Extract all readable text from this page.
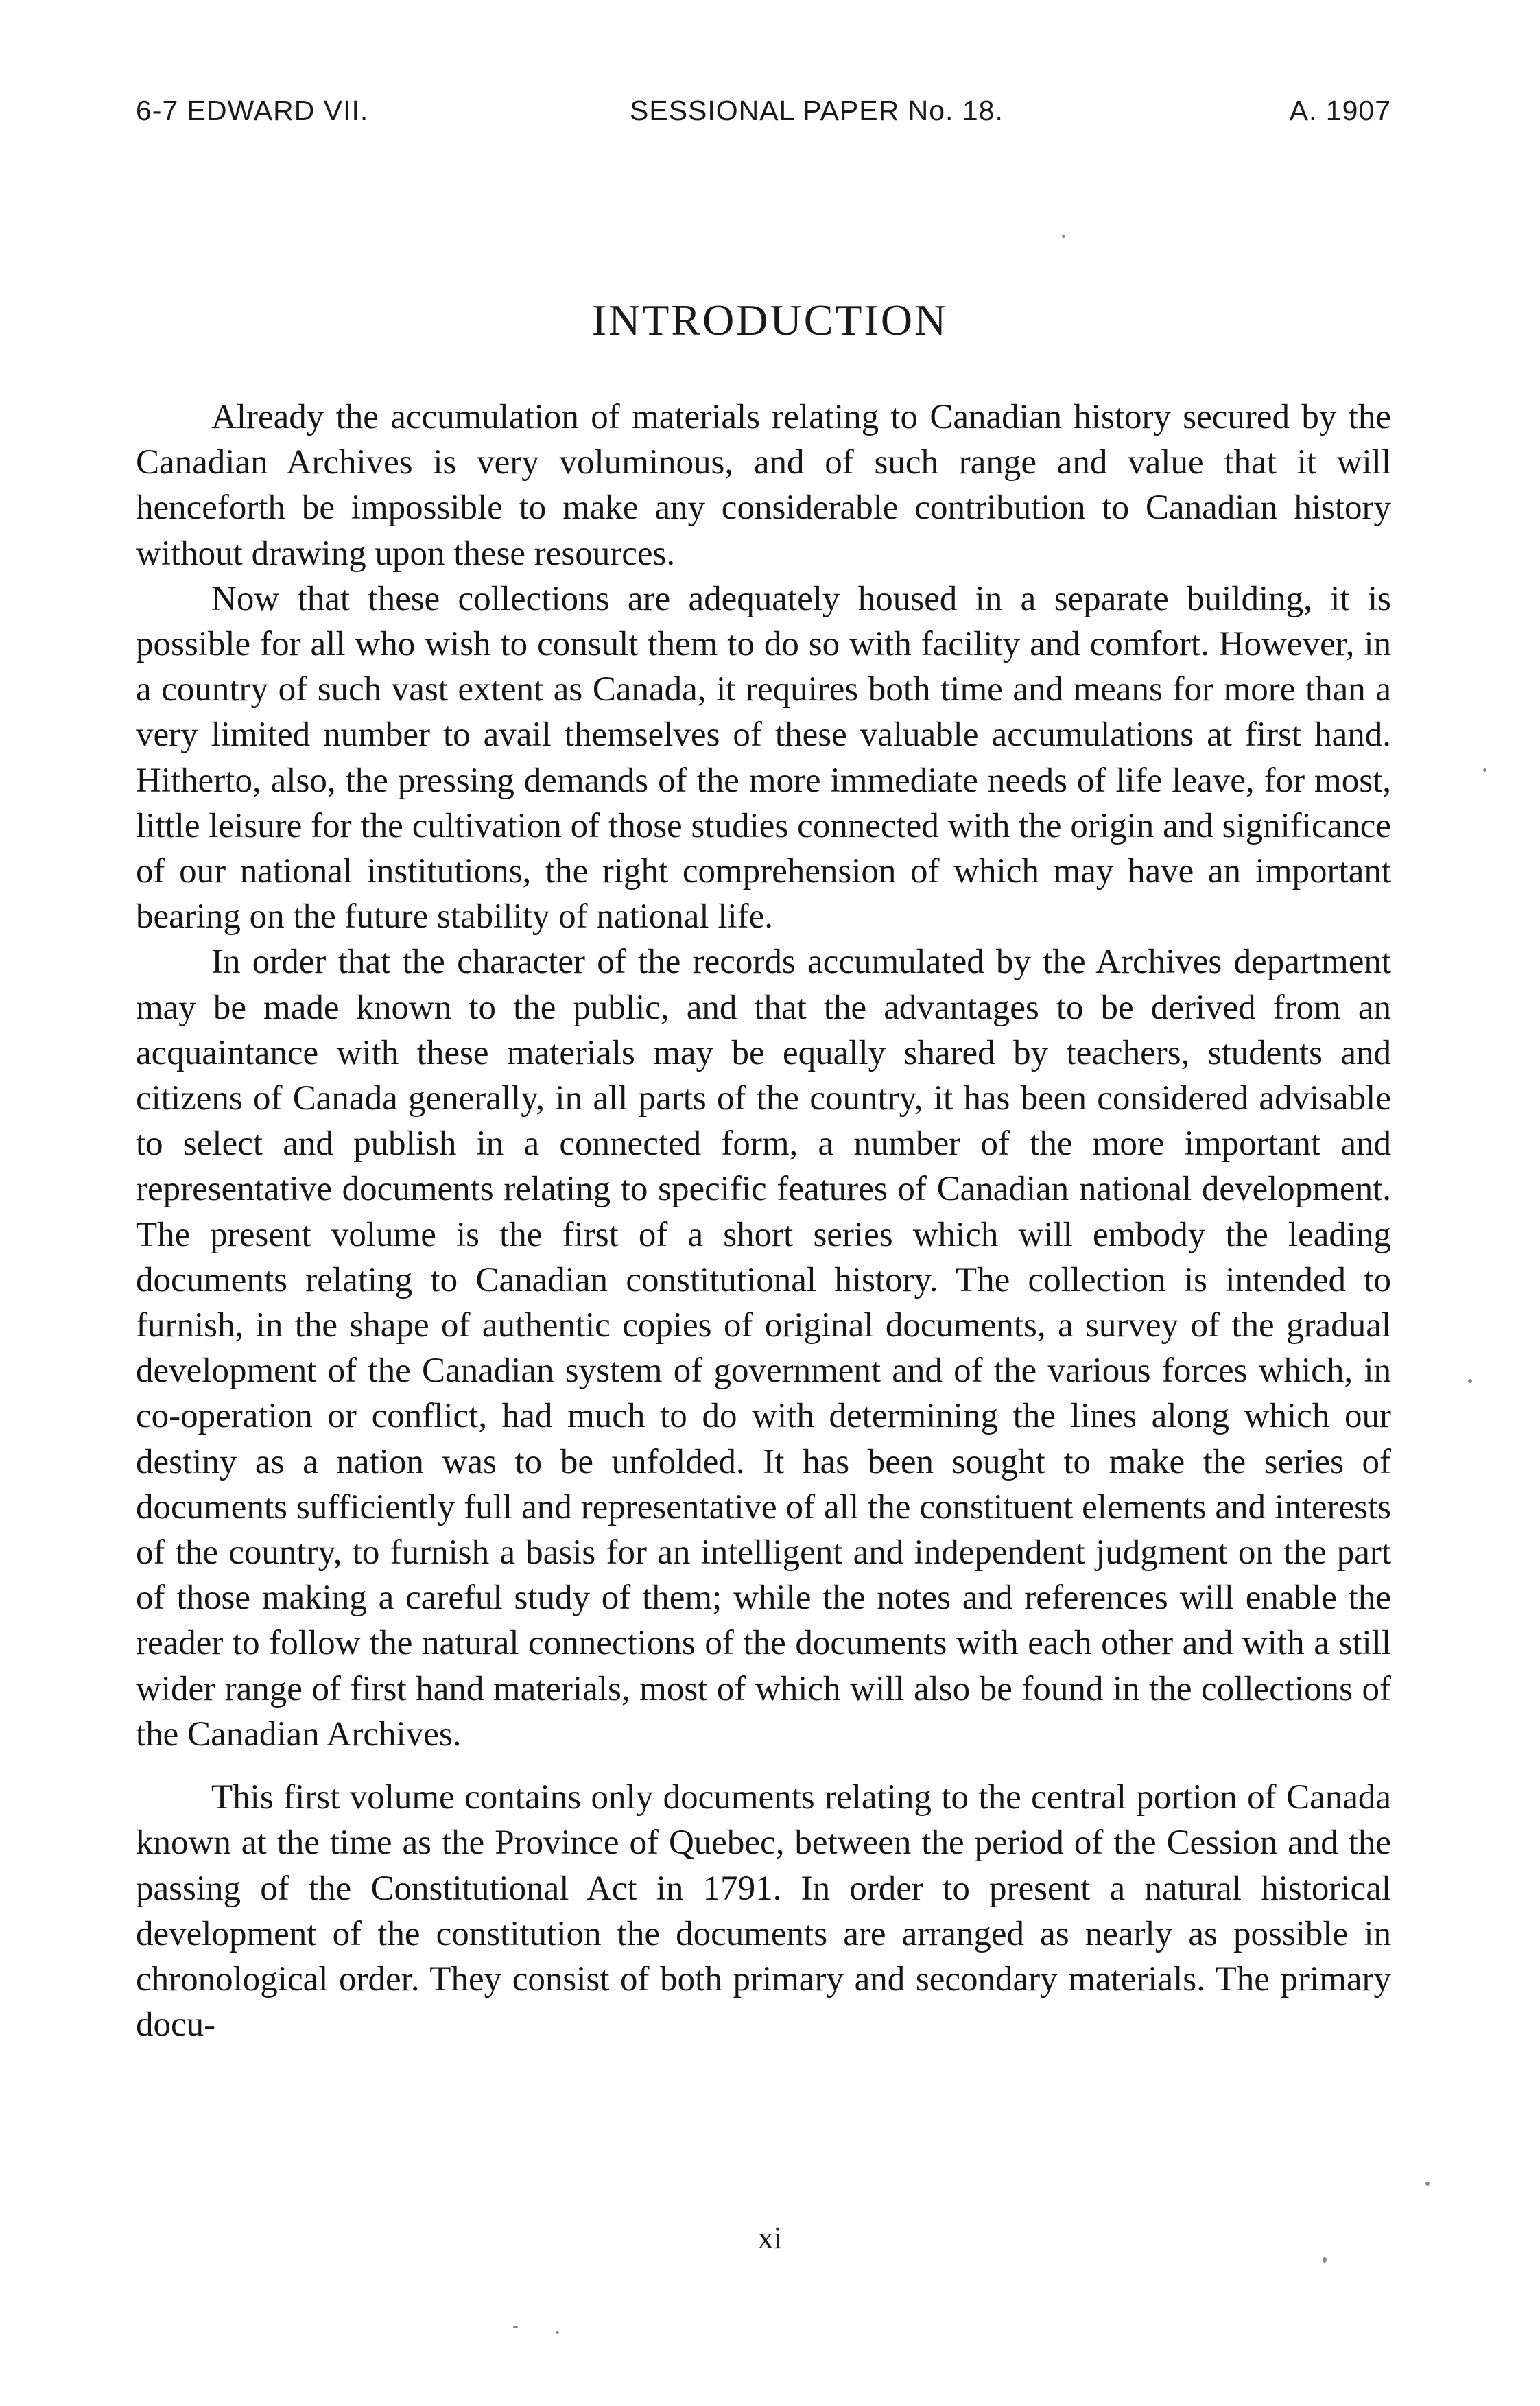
6-7 EDWARD VII.	SESSIONAL PAPER No. 18.	A. 1907
INTRODUCTION

Already the accumulation of materials relating to Canadian history secured by the Canadian Archives is very voluminous, and of such range and value that it will henceforth be impossible to make any considerable contribution to Canadian history without drawing upon these resources.

Now that these collections are adequately housed in a separate building, it is possible for all who wish to consult them to do so with facility and comfort. However, in a country of such vast extent as Canada, it requires both time and means for more than a very limited number to avail themselves of these valuable accumulations at first hand. Hitherto, also, the pressing demands of the more immediate needs of life leave, for most, little leisure for the cultivation of those studies connected with the origin and significance of our national institutions, the right comprehension of which may have an important bearing on the future stability of national life.

In order that the character of the records accumulated by the Archives department may be made known to the public, and that the advantages to be derived from an acquaintance with these materials may be equally shared by teachers, students and citizens of Canada generally, in all parts of the country, it has been considered advisable to select and publish in a connected form, a number of the more important and representative documents relating to specific features of Canadian national development. The present volume is the first of a short series which will embody the leading documents relating to Canadian constitutional history. The collection is intended to furnish, in the shape of authentic copies of original documents, a survey of the gradual development of the Canadian system of government and of the various forces which, in co-operation or conflict, had much to do with determining the lines along which our destiny as a nation was to be unfolded. It has been sought to make the series of documents sufficiently full and representative of all the constituent elements and interests of the country, to furnish a basis for an intelligent and independent judgment on the part of those making a careful study of them; while the notes and references will enable the reader to follow the natural connections of the documents with each other and with a still wider range of first hand materials, most of which will also be found in the collections of the Canadian Archives.

This first volume contains only documents relating to the central portion of Canada known at the time as the Province of Quebec, between the period of the Cession and the passing of the Constitutional Act in 1791. In order to present a natural historical development of the constitution the documents are arranged as nearly as possible in chronological order. They consist of both primary and secondary materials. The primary docu-

xi
